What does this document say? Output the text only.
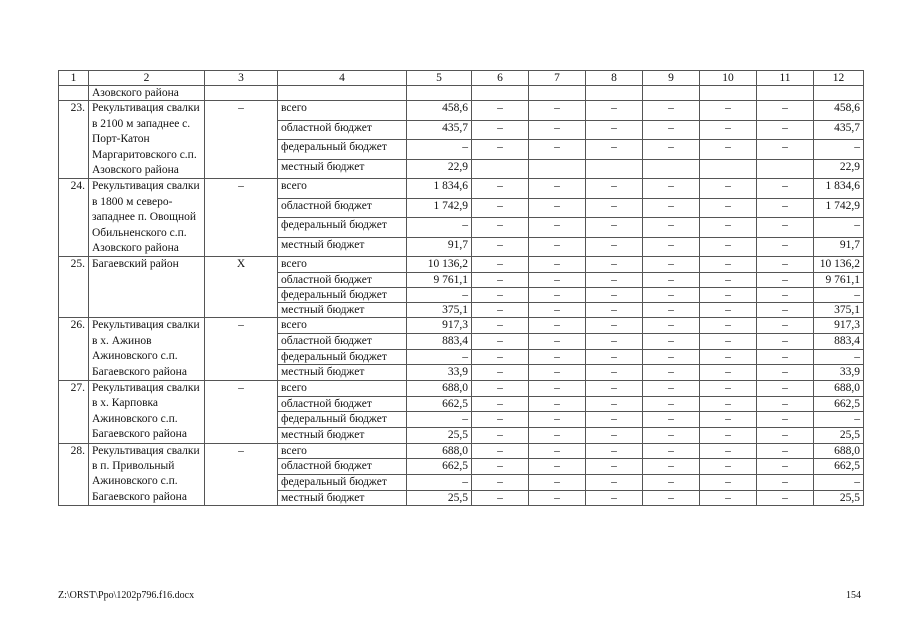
1	2	3	4	5	6	7	8	9	10	11	12
	Азовского района										
23.	Рекультивация свалки в 2100 м западнее с. Порт-Катон Маргаритовского с.п. Азовского района	–	всего	458,6	–	–	–	–	–	–	458,6
			областной бюджет	435,7	–	–	–	–	–	–	435,7
			федеральный бюджет	–	–	–	–	–	–	–	–
			местный бюджет	22,9							22,9
24.	Рекультивация свалки в 1800 м северо-западнее п. Овощной Обильненского с.п. Азовского района	–	всего	1 834,6	–	–	–	–	–	–	1 834,6
			областной бюджет	1 742,9	–	–	–	–	–	–	1 742,9
			федеральный бюджет	–	–	–	–	–	–	–	–
			местный бюджет	91,7	–	–	–	–	–	–	91,7
25.	Багаевский район	Х	всего	10 136,2	–	–	–	–	–	–	10 136,2
			областной бюджет	9 761,1	–	–	–	–	–	–	9 761,1
			федеральный бюджет	–	–	–	–	–	–	–	–
			местный бюджет	375,1	–	–	–	–	–	–	375,1
26.	Рекультивация свалки в х. Ажинов Ажиновского с.п. Багаевского района	–	всего	917,3	–	–	–	–	–	–	917,3
			областной бюджет	883,4	–	–	–	–	–	–	883,4
			федеральный бюджет	–	–	–	–	–	–	–	–
			местный бюджет	33,9	–	–	–	–	–	–	33,9
27.	Рекультивация свалки в х. Карповка Ажиновского с.п. Багаевского района	–	всего	688,0	–	–	–	–	–	–	688,0
			областной бюджет	662,5	–	–	–	–	–	–	662,5
			федеральный бюджет	–	–	–	–	–	–	–	–
			местный бюджет	25,5	–	–	–	–	–	–	25,5
28.	Рекультивация свалки в п. Привольный Ажиновского с.п. Багаевского района	–	всего	688,0	–	–	–	–	–	–	688,0
			областной бюджет	662,5	–	–	–	–	–	–	662,5
			федеральный бюджет	–	–	–	–	–	–	–	–
			местный бюджет	25,5	–	–	–	–	–	–	25,5
Z:\ORST\Ppo\1202p796.f16.docx	154
